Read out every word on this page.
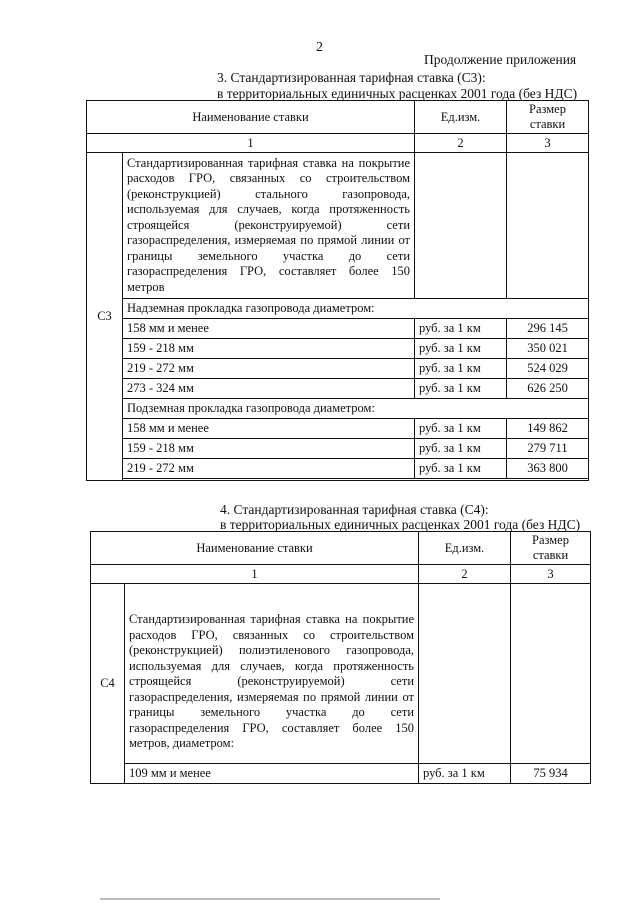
2
Продолжение приложения
3. Стандартизированная тарифная ставка (С3):
в территориальных единичных расценках 2001 года (без НДС)
Наименование ставки		Ед.изм.	Размер ставки
1		2	3
С3	Стандартизированная тарифная ставка на покрытие расходов ГРО, связанных со строительством (реконструкцией) стального газопровода, используемая для случаев, когда протяженность строящейся (реконструируемой) сети газораспределения, измеряемая по прямой линии от границы земельного участка до сети газораспределения ГРО, составляет более 150 метров		
	Надземная прокладка газопровода диаметром:		
	158 мм и менее	руб. за 1 км	296 145
	159 - 218 мм	руб. за 1 км	350 021
	219 - 272 мм	руб. за 1 км	524 029
	273 - 324 мм	руб. за 1 км	626 250
	Подземная прокладка газопровода диаметром:		
	158 мм и менее	руб. за 1 км	149 862
	159 - 218 мм	руб. за 1 км	279 711
	219 - 272 мм	руб. за 1 км	363 800

4. Стандартизированная тарифная ставка (С4):
в территориальных единичных расценках 2001 года (без НДС)
Наименование ставки		Ед.изм.	Размер ставки
1		2	3
С4	Стандартизированная тарифная ставка на покрытие расходов ГРО, связанных со строительством (реконструкцией) полиэтиленового газопровода, используемая для случаев, когда протяженность строящейся (реконструируемой) сети газораспределения, измеряемая по прямой линии от границы земельного участка до сети газораспределения ГРО, составляет более 150 метров, диаметром:		
	109 мм и менее	руб. за 1 км	75 934
